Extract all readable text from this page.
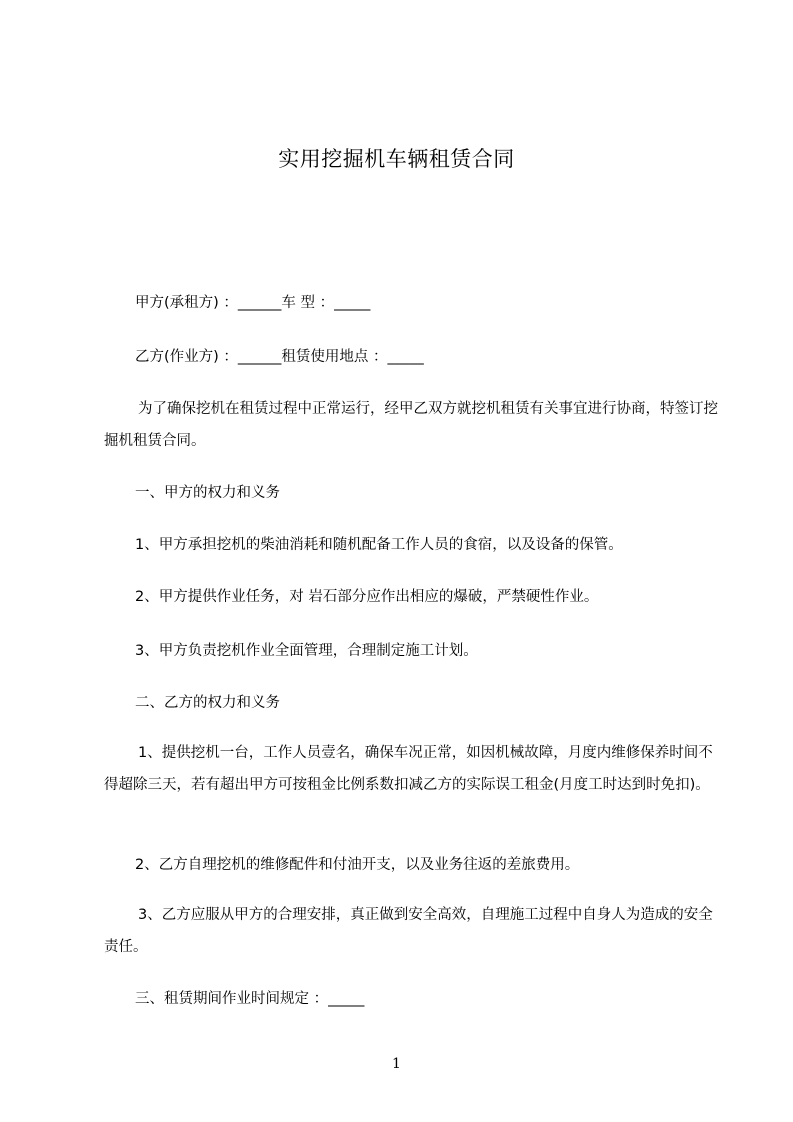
实用挖掘机车辆租赁合同
甲方(承租方) ：______车 型 ：_____
乙方(作业方) ：______租赁使用地点 ：_____
为了确保挖机在租赁过程中正常运行，经甲乙双方就挖机租赁有关事宜进行协商，特签订挖掘机租赁合同。
一、甲方的权力和义务
1、甲方承担挖机的柴油消耗和随机配备工作人员的食宿，以及设备的保管。
2、甲方提供作业任务，对 岩石部分应作出相应的爆破，严禁硬性作业。
3、甲方负责挖机作业全面管理，合理制定施工计划。
二、乙方的权力和义务
1、提供挖机一台，工作人员壹名，确保车况正常，如因机械故障，月度内维修保养时间不得超除三天，若有超出甲方可按租金比例系数扣减乙方的实际误工租金(月度工时达到时免扣)。
2、乙方自理挖机的维修配件和付油开支，以及业务往返的差旅费用。
3、乙方应服从甲方的合理安排，真正做到安全高效，自理施工过程中自身人为造成的安全责任。
三、租赁期间作业时间规定 ：_____
1
